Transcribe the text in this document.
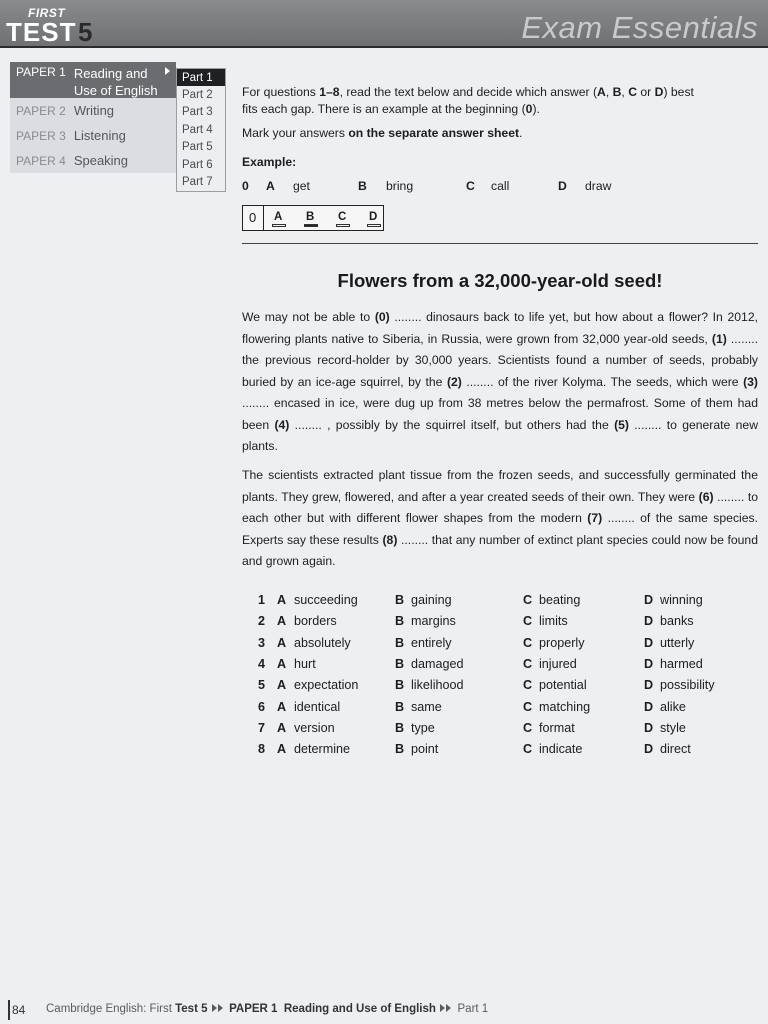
FIRST
TEST 5	Exam Essentials
PAPER 1 Reading and Use of English
PAPER 2 Writing
PAPER 3 Listening
PAPER 4 Speaking
Part 1
Part 2
Part 3
Part 4
Part 5
Part 6
Part 7
For questions 1–8, read the text below and decide which answer (A, B, C or D) best
fits each gap. There is an example at the beginning (0).
Mark your answers on the separate answer sheet.
Example:
0 A get	B bring	C call	D draw
0 A B C D
Flowers from a 32,000-year-old seed!
We may not be able to (0) ........ dinosaurs back to life yet, but how about a flower? In 2012, flowering plants native to Siberia, in Russia, were grown from 32,000 year-old seeds, (1) ........ the previous record-holder by 30,000 years. Scientists found a number of seeds, probably buried by an ice-age squirrel, by the (2) ........ of the river Kolyma. The seeds, which were (3) ........ encased in ice, were dug up from 38 metres below the permafrost. Some of them had been (4) ........ , possibly by the squirrel itself, but others had the (5) ........ to generate new plants.
The scientists extracted plant tissue from the frozen seeds, and successfully germinated the plants. They grew, flowered, and after a year created seeds of their own. They were (6) ........ to each other but with different flower shapes from the modern (7) ........ of the same species. Experts say these results (8) ........ that any number of extinct plant species could now be found and grown again.
1 A succeeding	B gaining	C beating	D winning
2 A borders	B margins	C limits	D banks
3 A absolutely	B entirely	C properly	D utterly
4 A hurt	B damaged	C injured	D harmed
5 A expectation	B likelihood	C potential	D possibility
6 A identical	B same	C matching	D alike
7 A version	B type	C format	D style
8 A determine	B point	C indicate	D direct
84 Cambridge English: First Test 5 PAPER 1 Reading and Use of English Part 1
